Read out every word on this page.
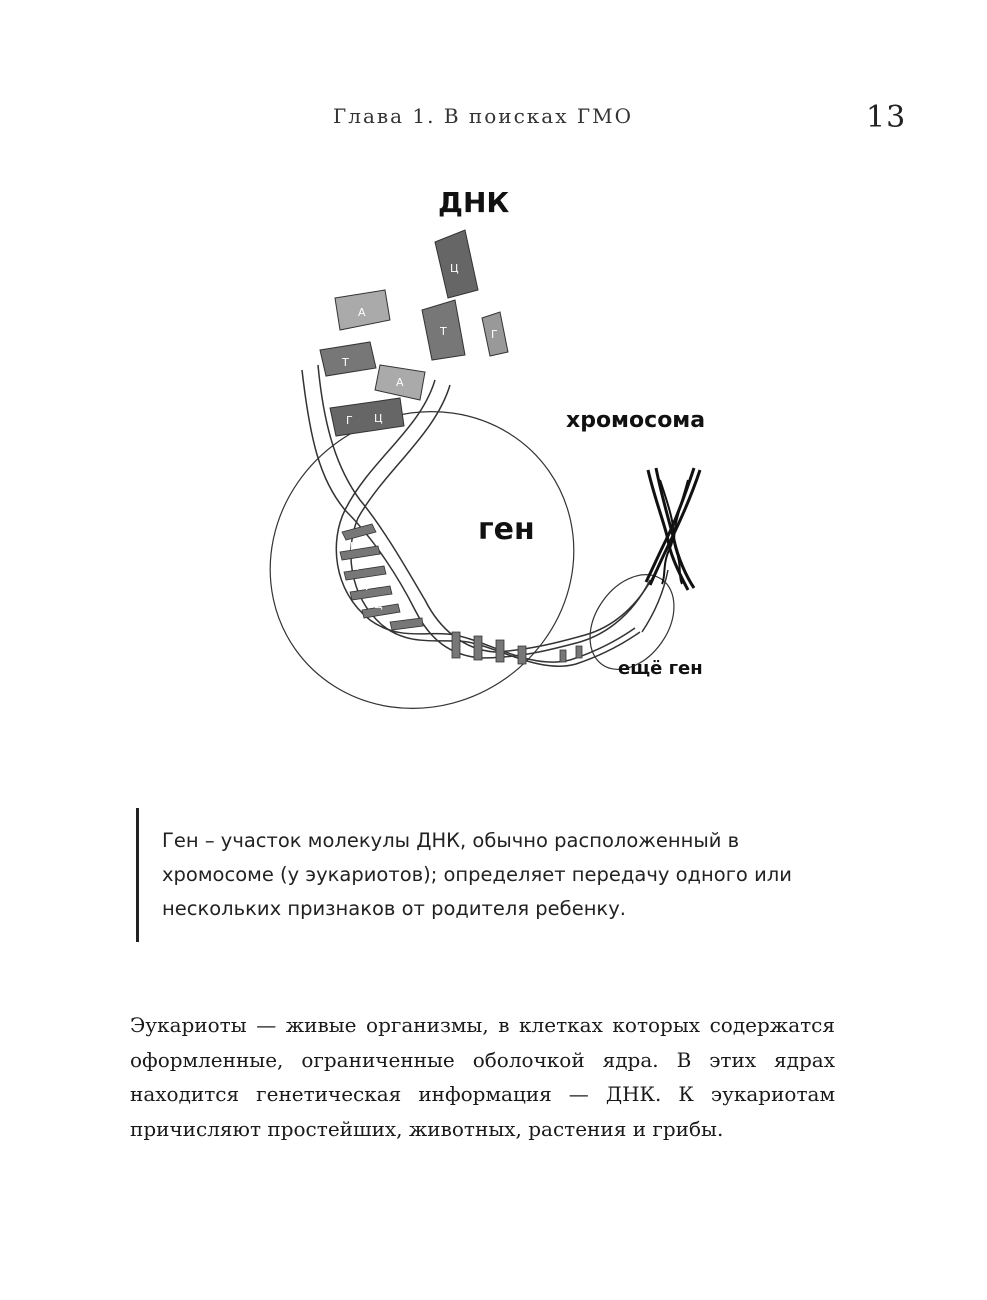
Глава 1. В поисках ГМО	13
Ц
А
Т	Г
Т
А
Г Ц
Г
Т
А
Ц
ДНК
хромосома
ген
ещё ген

Ген – участок молекулы ДНК, обычно расположенный в хромосоме (у эукариотов); определяет передачу одного или нескольких признаков от родителя ребенку.

Эукариоты — живые организмы, в клетках которых содержатся оформленные, ограниченные оболочкой ядра. В этих ядрах находится генетическая информация — ДНК. К эукариотам причисляют простейших, животных, растения и грибы.
